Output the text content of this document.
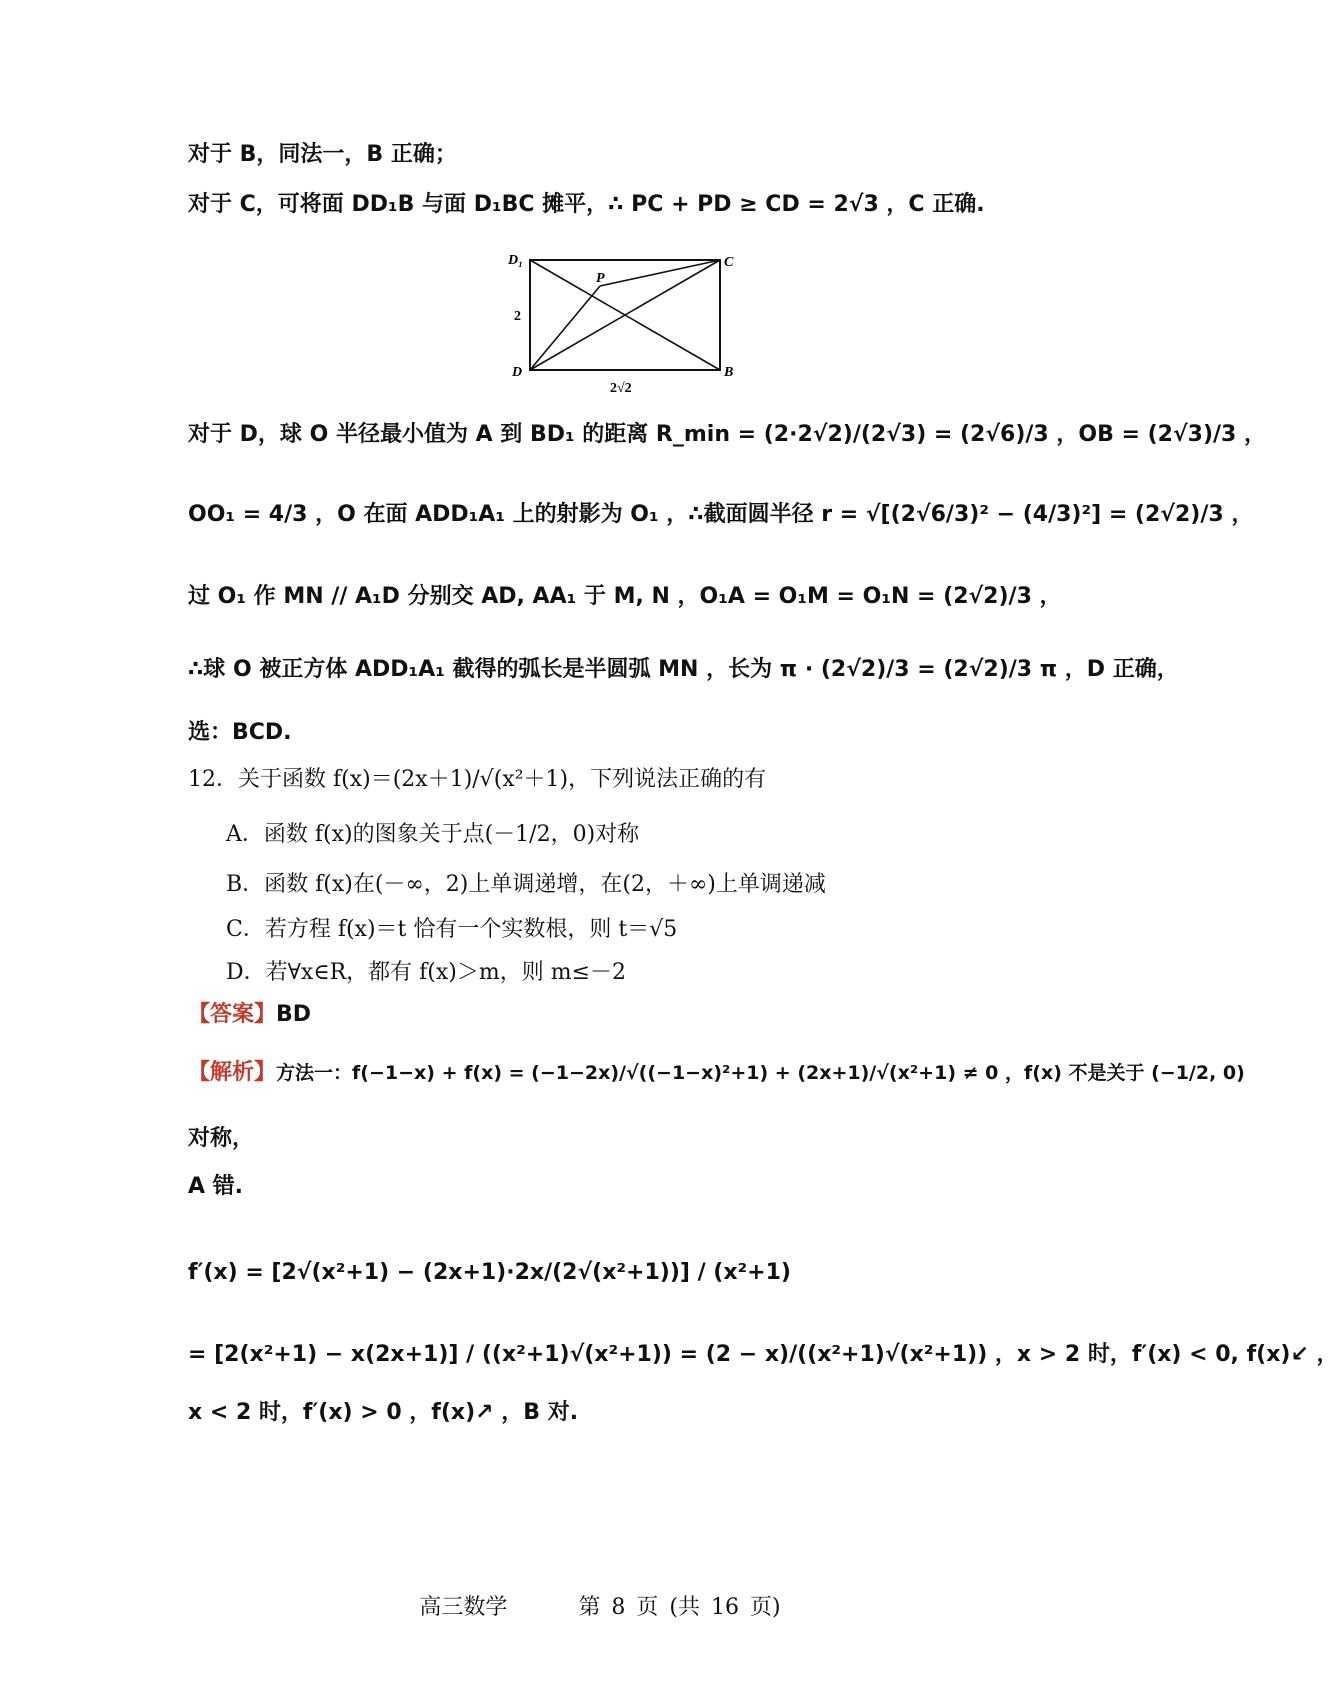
对于 B，同法一，B 正确；
对于 C，可将面 DD₁B 与面 D₁BC 摊平，∴ PC + PD ≥ CD = 2√3 ，C 正确.
D₁	C
P
D	B
2
2√2
对于 D，球 O 半径最小值为 A 到 BD₁ 的距离 R_min = (2·2√2)/(2√3) = (2√6)/3 ，OB = (2√3)/3 ，
OO₁ = 4/3 ，O 在面 ADD₁A₁ 上的射影为 O₁ ，∴截面圆半径 r = √[(2√6/3)² − (4/3)²] = (2√2)/3 ，
过 O₁ 作 MN // A₁D 分别交 AD, AA₁ 于 M, N ，O₁A = O₁M = O₁N = (2√2)/3 ，
∴球 O 被正方体 ADD₁A₁ 截得的弧长是半圆弧 MN ，长为 π · (2√2)/3 = (2√2)/3 π ，D 正确，
选：BCD.
12．关于函数 f(x)＝(2x＋1)/√(x²＋1)，下列说法正确的有
A．函数 f(x)的图象关于点(－1/2，0)对称
B．函数 f(x)在(－∞，2)上单调递增，在(2，＋∞)上单调递减
C．若方程 f(x)＝t 恰有一个实数根，则 t＝√5
D．若∀x∈R，都有 f(x)＞m，则 m≤－2
【答案】BD
【解析】方法一：f(−1−x) + f(x) = (−1−2x)/√((−1−x)²+1) + (2x+1)/√(x²+1) ≠ 0 ，f(x) 不是关于 (−1/2, 0)
对称，
A 错.
f′(x) = [2√(x²+1) − (2x+1)·2x/(2√(x²+1))] / (x²+1)
= [2(x²+1) − x(2x+1)] / ((x²+1)√(x²+1)) = (2 − x)/((x²+1)√(x²+1)) ，x > 2 时，f′(x) < 0, f(x)↙ ，
x < 2 时，f′(x) > 0 ，f(x)↗ ，B 对.
高三数学	第 8 页 (共 16 页)
